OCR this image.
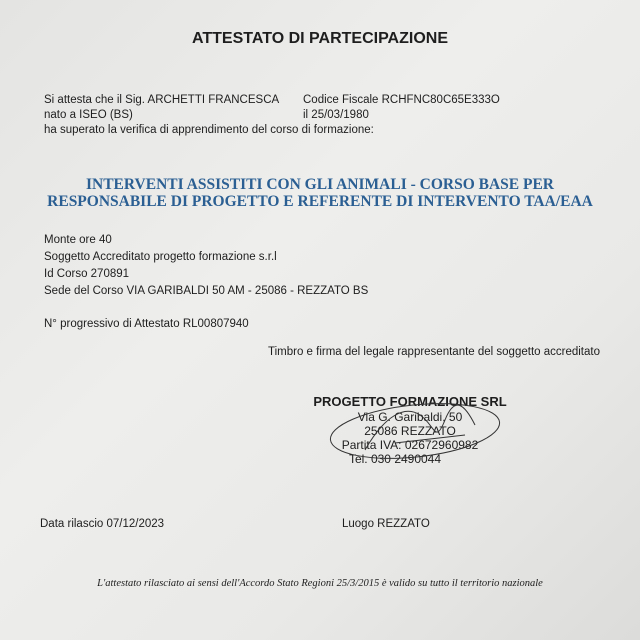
ATTESTATO DI PARTECIPAZIONE
Si attesta che il Sig. ARCHETTI FRANCESCA Codice Fiscale RCHFNC80C65E333O
nato a ISEO (BS)	il 25/03/1980
ha superato la verifica di apprendimento del corso di formazione:
INTERVENTI ASSISTITI CON GLI ANIMALI - CORSO BASE PER
RESPONSABILE DI PROGETTO E REFERENTE DI INTERVENTO TAA/EAA
Monte ore 40
Soggetto Accreditato progetto formazione s.r.l
Id Corso 270891
Sede del Corso VIA GARIBALDI 50 AM - 25086 - REZZATO BS
N° progressivo di Attestato RL00807940
Timbro e firma del legale rappresentante del soggetto accreditato
PROGETTO FORMAZIONE SRL
Via G. Garibaldi, 50
25086 REZZATO
Partita IVA: 02672960982
Tel. 030 2490044
Data rilascio 07/12/2023	Luogo REZZATO
L'attestato rilasciato ai sensi dell'Accordo Stato Regioni 25/3/2015 è valido su tutto il territorio nazionale
